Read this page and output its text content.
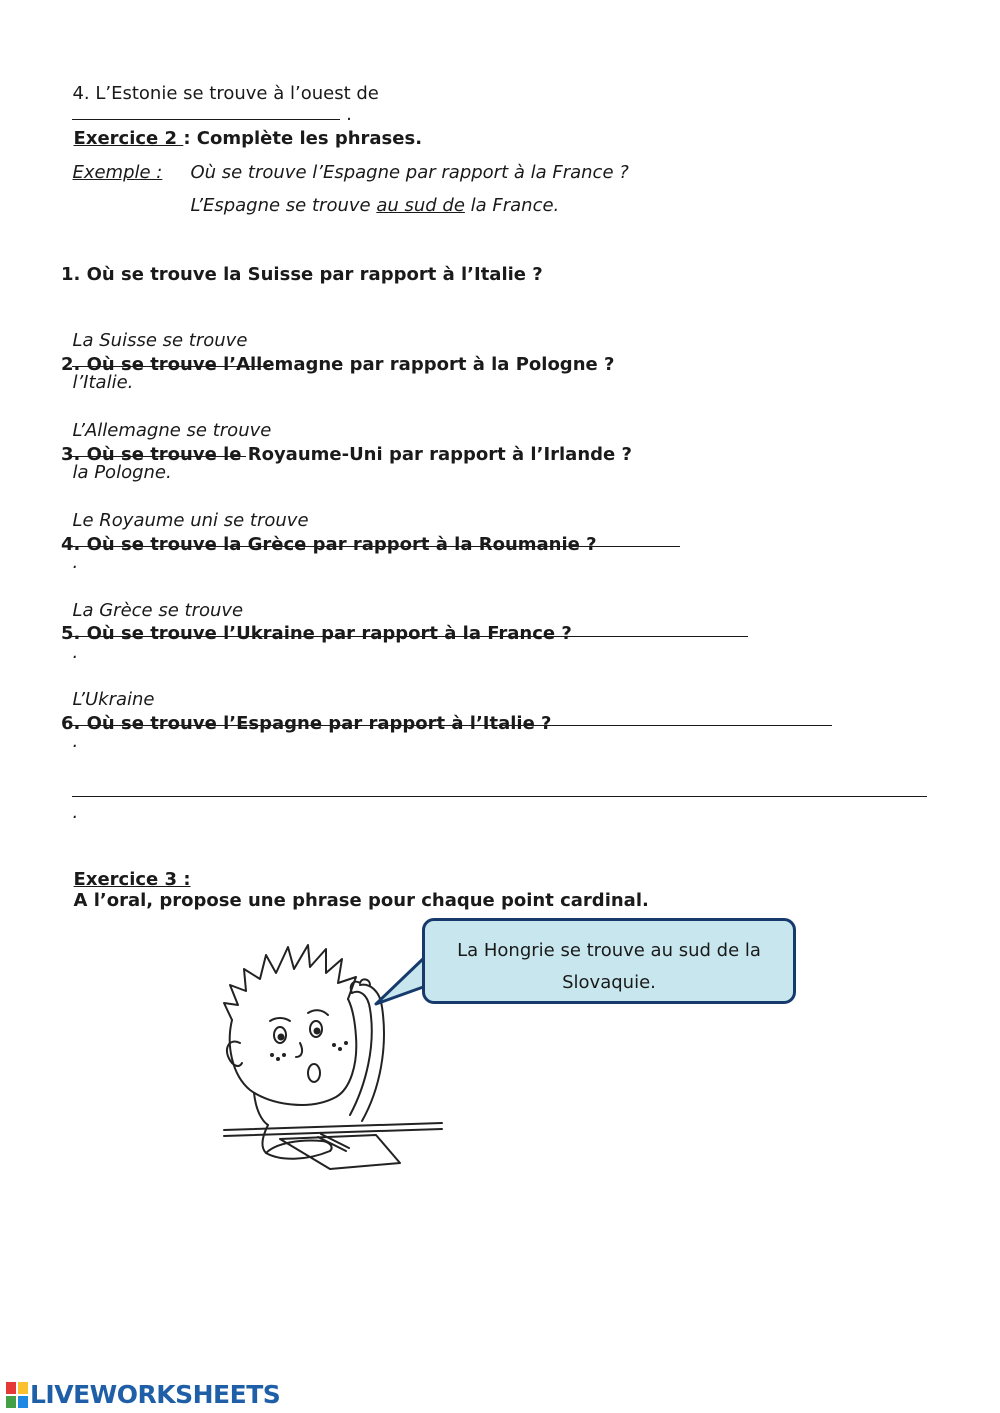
4. L’Estonie se trouve à l’ouest de
.

Exercice 2 : Complète les phrases.

Exemple : Où se trouve l’Espagne par rapport à la France ?

L’Espagne se trouve au sud de la France.

1. Où se trouve la Suisse par rapport à l’Italie ?

La Suisse se trouve

l’Italie.

2. Où se trouve l’Allemagne par rapport à la Pologne ?

L’Allemagne se trouve

la Pologne.

3. Où se trouve le Royaume-Uni par rapport à l’Irlande ?

Le Royaume uni se trouve

.

4. Où se trouve la Grèce par rapport à la Roumanie ?

La Grèce se trouve

.

5. Où se trouve l’Ukraine par rapport à la France ?

L’Ukraine

.

6. Où se trouve l’Espagne par rapport à l’Italie ?

.

Exercice 3 :
A l’oral, propose une phrase pour chaque point cardinal.

La Hongrie se trouve au sud de la
Slovaquie.
LIVEWORKSHEETS
